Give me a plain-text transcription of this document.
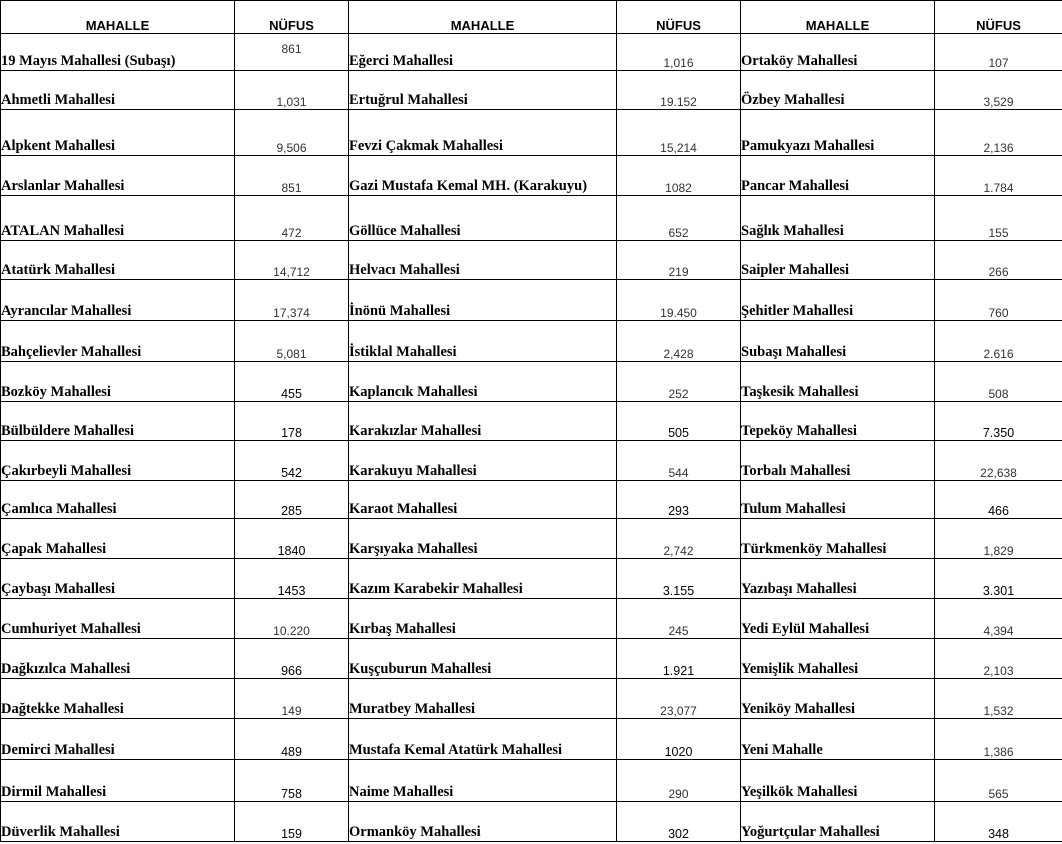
MAHALLE	NÜFUS	MAHALLE	NÜFUS	MAHALLE	NÜFUS
19 Mayıs Mahallesi (Subaşı)	861	Eğerci Mahallesi	1,016	Ortaköy Mahallesi	107
Ahmetli Mahallesi	1,031	Ertuğrul Mahallesi	19.152	Özbey Mahallesi	3,529
Alpkent Mahallesi	9,506	Fevzi Çakmak Mahallesi	15,214	Pamukyazı Mahallesi	2,136
Arslanlar Mahallesi	851	Gazi Mustafa Kemal MH. (Karakuyu)	1082	Pancar Mahallesi	1.784
ATALAN Mahallesi	472	Göllüce Mahallesi	652	Sağlık Mahallesi	155
Atatürk Mahallesi	14,712	Helvacı Mahallesi	219	Saipler Mahallesi	266
Ayrancılar Mahallesi	17,374	İnönü Mahallesi	19.450	Şehitler Mahallesi	760
Bahçelievler Mahallesi	5,081	İstiklal Mahallesi	2,428	Subaşı Mahallesi	2.616
Bozköy Mahallesi	455	Kaplancık Mahallesi	252	Taşkesik Mahallesi	508
Bülbüldere Mahallesi	178	Karakızlar Mahallesi	505	Tepeköy Mahallesi	7.350
Çakırbeyli Mahallesi	542	Karakuyu Mahallesi	544	Torbalı Mahallesi	22,638
Çamlıca Mahallesi	285	Karaot Mahallesi	293	Tulum Mahallesi	466
Çapak Mahallesi	1840	Karşıyaka Mahallesi	2,742	Türkmenköy Mahallesi	1,829
Çaybaşı Mahallesi	1453	Kazım Karabekir Mahallesi	3.155	Yazıbaşı Mahallesi	3.301
Cumhuriyet Mahallesi	10.220	Kırbaş Mahallesi	245	Yedi Eylül Mahallesi	4,394
Dağkızılca Mahallesi	966	Kuşçuburun Mahallesi	1.921	Yemişlik Mahallesi	2,103
Dağtekke Mahallesi	149	Muratbey Mahallesi	23,077	Yeniköy Mahallesi	1,532
Demirci Mahallesi	489	Mustafa Kemal Atatürk Mahallesi	1020	Yeni Mahalle	1,386
Dirmil Mahallesi	758	Naime Mahallesi	290	Yeşilkök Mahallesi	565
Düverlik Mahallesi	159	Ormanköy Mahallesi	302	Yoğurtçular Mahallesi	348
